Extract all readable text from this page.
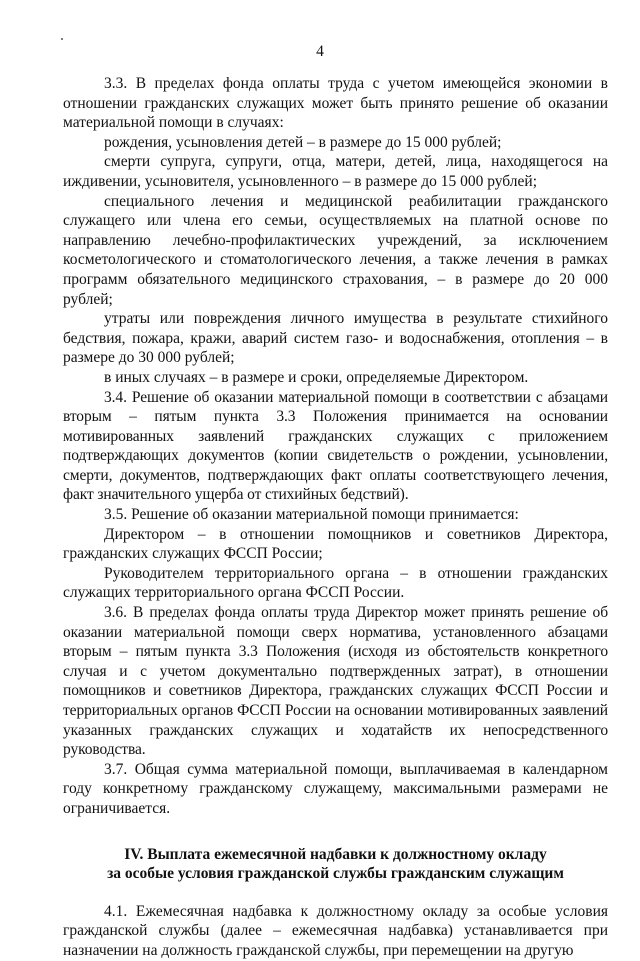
4

3.3. В пределах фонда оплаты труда с учетом имеющейся экономии в отношении гражданских служащих может быть принято решение об оказании материальной помощи в случаях:

рождения, усыновления детей – в размере до 15 000 рублей;

смерти супруга, супруги, отца, матери, детей, лица, находящегося на иждивении, усыновителя, усыновленного – в размере до 15 000 рублей;

специального лечения и медицинской реабилитации гражданского служащего или члена его семьи, осуществляемых на платной основе по направлению лечебно-профилактических учреждений, за исключением косметологического и стоматологического лечения, а также лечения в рамках программ обязательного медицинского страхования, – в размере до 20 000 рублей;

утраты или повреждения личного имущества в результате стихийного бедствия, пожара, кражи, аварий систем газо- и водоснабжения, отопления – в размере до 30 000 рублей;

в иных случаях – в размере и сроки, определяемые Директором.

3.4. Решение об оказании материальной помощи в соответствии с абзацами вторым – пятым пункта 3.3 Положения принимается на основании мотивированных заявлений гражданских служащих с приложением подтверждающих документов (копии свидетельств о рождении, усыновлении, смерти, документов, подтверждающих факт оплаты соответствующего лечения, факт значительного ущерба от стихийных бедствий).

3.5. Решение об оказании материальной помощи принимается:

Директором – в отношении помощников и советников Директора, гражданских служащих ФССП России;

Руководителем территориального органа – в отношении гражданских служащих территориального органа ФССП России.

3.6. В пределах фонда оплаты труда Директор может принять решение об оказании материальной помощи сверх норматива, установленного абзацами вторым – пятым пункта 3.3 Положения (исходя из обстоятельств конкретного случая и с учетом документально подтвержденных затрат), в отношении помощников и советников Директора, гражданских служащих ФССП России и территориальных органов ФССП России на основании мотивированных заявлений указанных гражданских служащих и ходатайств их непосредственного руководства.

3.7. Общая сумма материальной помощи, выплачиваемая в календарном году конкретному гражданскому служащему, максимальными размерами не ограничивается.

IV. Выплата ежемесячной надбавки к должностному окладу
за особые условия гражданской службы гражданским служащим

4.1. Ежемесячная надбавка к должностному окладу за особые условия гражданской службы (далее – ежемесячная надбавка) устанавливается при назначении на должность гражданской службы, при перемещении на другую
